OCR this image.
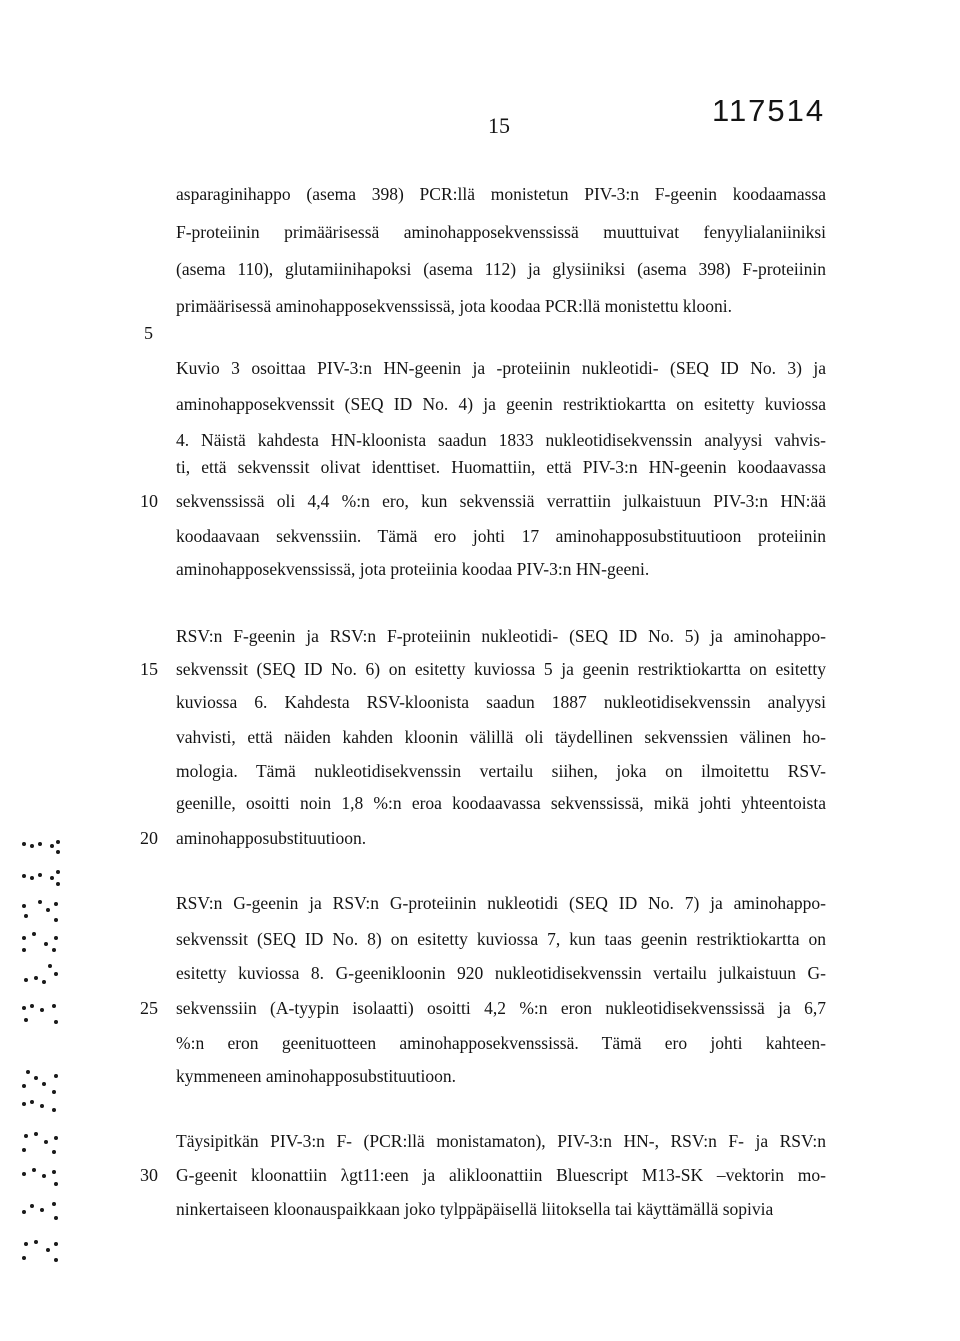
117514
15
asparaginihappo (asema 398) PCR:llä monistetun PIV-3:n F-geenin koodaamassa
F-proteiinin primäärisessä aminohapposekvenssissä muuttuivat fenyylialaniiniksi
(asema 110), glutamiinihapoksi (asema 112) ja glysiiniksi (asema 398) F-proteiinin
primäärisessä aminohapposekvenssissä, jota koodaa PCR:llä monistettu klooni.
Kuvio 3 osoittaa PIV-3:n HN-geenin ja -proteiinin nukleotidi- (SEQ ID No. 3) ja
aminohapposekvenssit (SEQ ID No. 4) ja geenin restriktiokartta on esitetty kuviossa
4. Näistä kahdesta HN-kloonista saadun 1833 nukleotidisekvenssin analyysi vahvis-
ti, että sekvenssit olivat identtiset. Huomattiin, että PIV-3:n HN-geenin koodaavassa
sekvenssissä oli 4,4 %:n ero, kun sekvenssiä verrattiin julkaistuun PIV-3:n HN:ää
koodaavaan sekvenssiin. Tämä ero johti 17 aminohapposubstituutioon proteiinin
aminohapposekvenssissä, jota proteiinia koodaa PIV-3:n HN-geeni.
RSV:n F-geenin ja RSV:n F-proteiinin nukleotidi- (SEQ ID No. 5) ja aminohappo-
sekvenssit (SEQ ID No. 6) on esitetty kuviossa 5 ja geenin restriktiokartta on esitetty
kuviossa 6. Kahdesta RSV-kloonista saadun 1887 nukleotidisekvenssin analyysi
vahvisti, että näiden kahden kloonin välillä oli täydellinen sekvenssien välinen ho-
mologia. Tämä nukleotidisekvenssin vertailu siihen, joka on ilmoitettu RSV-
geenille, osoitti noin 1,8 %:n eroa koodaavassa sekvenssissä, mikä johti yhteentoista
aminohapposubstituutioon.
RSV:n G-geenin ja RSV:n G-proteiinin nukleotidi (SEQ ID No. 7) ja aminohappo-
sekvenssit (SEQ ID No. 8) on esitetty kuviossa 7, kun taas geenin restriktiokartta on
esitetty kuviossa 8. G-geenikloonin 920 nukleotidisekvenssin vertailu julkaistuun G-
sekvenssiin (A-tyypin isolaatti) osoitti 4,2 %:n eron nukleotidisekvenssissä ja 6,7
%:n eron geenituotteen aminohapposekvenssissä. Tämä ero johti kahteen-
kymmeneen aminohapposubstituutioon.
Täysipitkän PIV-3:n F- (PCR:llä monistamaton), PIV-3:n HN-, RSV:n F- ja RSV:n
G-geenit kloonattiin λgt11:een ja alikloonattiin Bluescript M13-SK –vektorin mo-
ninkertaiseen kloonauspaikkaan joko tylppäpäisellä liitoksella tai käyttämällä sopivia
5
10
15
20
25
30
